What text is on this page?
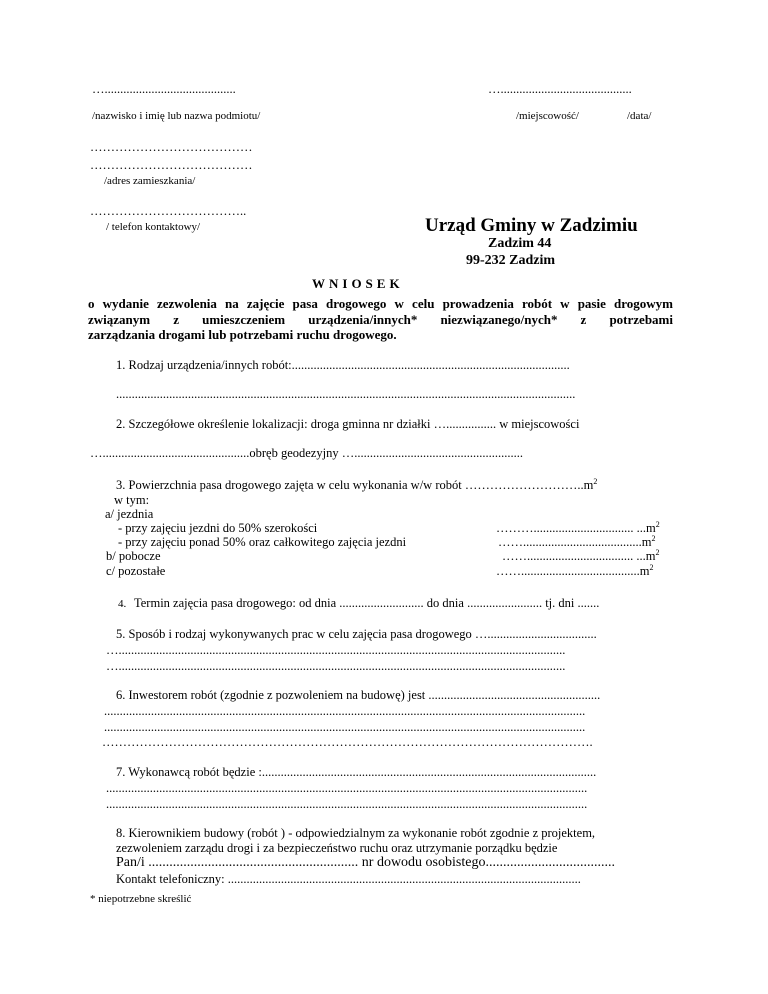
…..........................................
/nazwisko i imię lub nazwa podmiotu/
…..........................................
/miejscowość/	/data/
…………………………………
…………………………………
/adres zamieszkania/
………………………………..
/ telefon kontaktowy/	Urząd Gminy w Zadzimiu
Zadzim 44
99-232 Zadzim
WNIOSEK
o wydanie zezwolenia na zajęcie pasa drogowego w celu prowadzenia robót w pasie drogowym
związanym z umieszczeniem urządzenia/innych* niezwiązanego/nych* z potrzebami
zarządzania drogami lub potrzebami ruchu drogowego.
1. Rodzaj urządzenia/innych robót:.........................................................................................
...................................................................................................................................................
2. Szczegółowe określenie lokalizacji: droga gminna nr działki …................ w miejscowości
…...............................................obręb geodezyjny …......................................................
3. Powierzchnia pasa drogowego zajęta w celu wykonania w/w robót $\dots\dots\dots\dots\dots\dots\dots\dots\dots..m^2$
w tym:
a/ jezdnia
- przy zajęciu jezdni do 50% szerokości	………................................ $...m^2$
- przy zajęciu ponad 50% oraz całkowitego zajęcia jezdni	$\dots\dots......................................m^2$
b/ pobocze	…….................................. $...m^2$
c/ pozostałe	$\dots\dots......................................m^2$
4. Termin zajęcia pasa drogowego: od dnia ........................... do dnia ........................ tj. dni .......
5. Sposób i rodzaj wykonywanych prac w celu zajęcia pasa drogowego …...................................
…...............................................................................................................................................
…...............................................................................................................................................
6. Inwestorem robót (zgodnie z pozwoleniem na budowę) jest .......................................................
..........................................................................................................................................................
..........................................................................................................................................................
……………………………………………………………………………………………………….
7. Wykonawcą robót będzie :...........................................................................................................
..........................................................................................................................................................
..........................................................................................................................................................
8. Kierownikiem budowy (robót ) - odpowiedzialnym za wykonanie robót zgodnie z projektem,
zezwoleniem zarządu drogi i za bezpieczeństwo ruchu oraz utrzymanie porządku będzie
Pan/i ............................................................ nr dowodu osobistego.....................................
Kontakt telefoniczny: .................................................................................................................
* niepotrzebne skreślić
